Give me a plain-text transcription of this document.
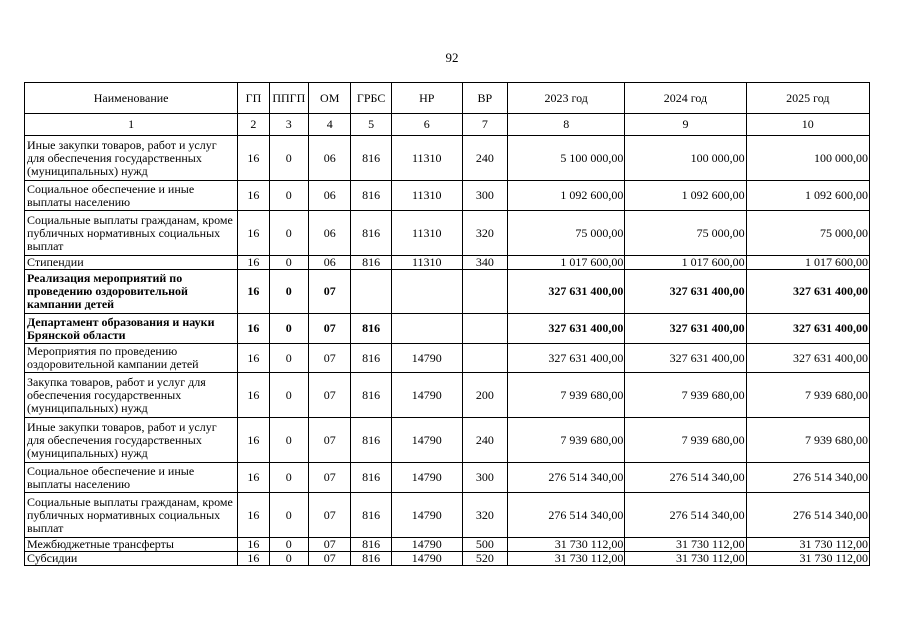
92
Наименование	ГП	ППГП	ОМ	ГРБС	НР	ВР	2023 год	2024 год	2025 год
1	2	3	4	5	6	7	8	9	10
Иные закупки товаров, работ и услуг для обеспечения государственных (муниципальных) нужд	16	0	06	816	11310	240	5 100 000,00	100 000,00	100 000,00
Социальное обеспечение и иные выплаты населению	16	0	06	816	11310	300	1 092 600,00	1 092 600,00	1 092 600,00
Социальные выплаты гражданам, кроме публичных нормативных социальных выплат	16	0	06	816	11310	320	75 000,00	75 000,00	75 000,00
Стипендии	16	0	06	816	11310	340	1 017 600,00	1 017 600,00	1 017 600,00
Реализация мероприятий по проведению оздоровительной кампании детей	16	0	07				327 631 400,00	327 631 400,00	327 631 400,00
Департамент образования и науки Брянской области	16	0	07	816			327 631 400,00	327 631 400,00	327 631 400,00
Мероприятия по проведению оздоровительной кампании детей	16	0	07	816	14790		327 631 400,00	327 631 400,00	327 631 400,00
Закупка товаров, работ и услуг для обеспечения государственных (муниципальных) нужд	16	0	07	816	14790	200	7 939 680,00	7 939 680,00	7 939 680,00
Иные закупки товаров, работ и услуг для обеспечения государственных (муниципальных) нужд	16	0	07	816	14790	240	7 939 680,00	7 939 680,00	7 939 680,00
Социальное обеспечение и иные выплаты населению	16	0	07	816	14790	300	276 514 340,00	276 514 340,00	276 514 340,00
Социальные выплаты гражданам, кроме публичных нормативных социальных выплат	16	0	07	816	14790	320	276 514 340,00	276 514 340,00	276 514 340,00
Межбюджетные трансферты	16	0	07	816	14790	500	31 730 112,00	31 730 112,00	31 730 112,00
Субсидии	16	0	07	816	14790	520	31 730 112,00	31 730 112,00	31 730 112,00
